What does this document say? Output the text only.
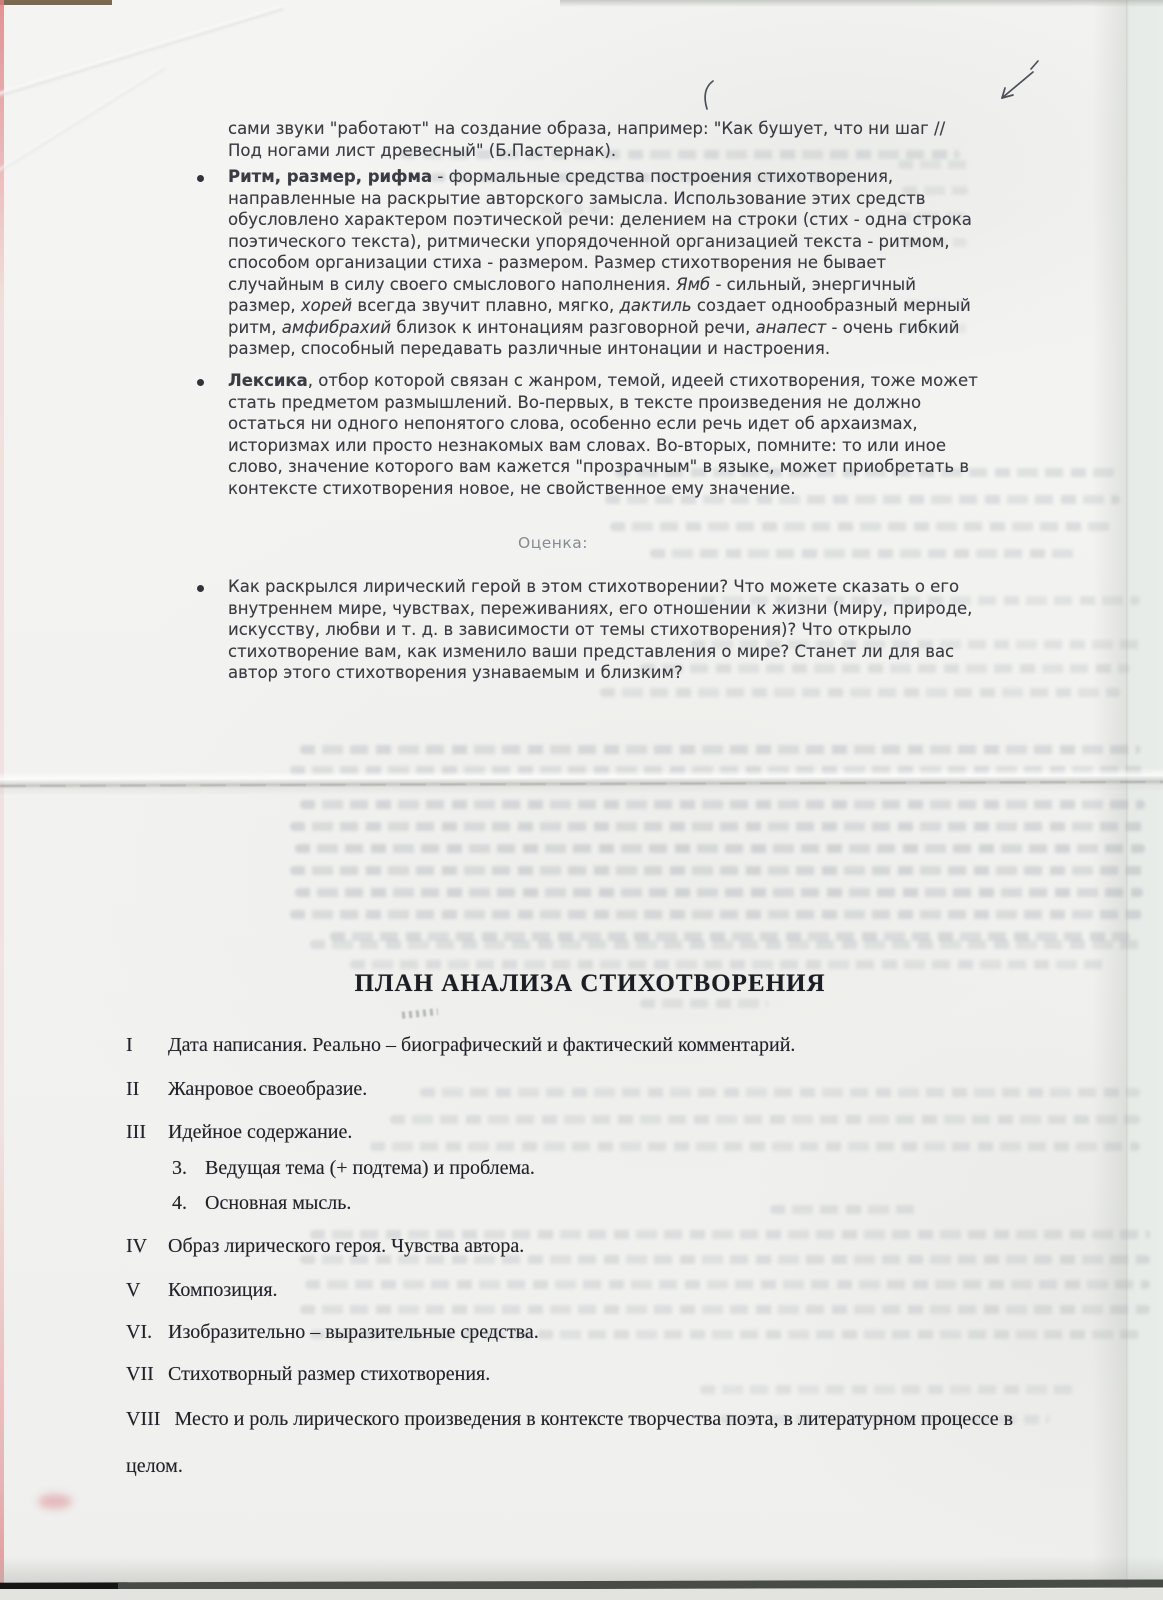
сами звуки "работают" на создание образа, например: "Как бушует, что ни шаг // Под ногами лист древесный" (Б.Пастернак).
Ритм, размер, рифма - формальные средства построения стихотворения, направленные на раскрытие авторского замысла. Использование этих средств обусловлено характером поэтической речи: делением на строки (стих - одна строка поэтического текста), ритмически упорядоченной организацией текста - ритмом, способом организации стиха - размером. Размер стихотворения не бывает случайным в силу своего смыслового наполнения. Ямб - сильный, энергичный размер, хорей всегда звучит плавно, мягко, дактиль создает однообразный мерный ритм, амфибрахий близок к интонациям разговорной речи, анапест - очень гибкий размер, способный передавать различные интонации и настроения.
Лексика, отбор которой связан с жанром, темой, идеей стихотворения, тоже может стать предметом размышлений. Во-первых, в тексте произведения не должно остаться ни одного непонятого слова, особенно если речь идет об архаизмах, историзмах или просто незнакомых вам словах. Во-вторых, помните: то или иное слово, значение которого вам кажется "прозрачным" в языке, может приобретать в контексте стихотворения новое, не свойственное ему значение.
Оценка:
Как раскрылся лирический герой в этом стихотворении? Что можете сказать о его внутреннем мире, чувствах, переживаниях, его отношении к жизни (миру, природе, искусству, любви и т. д. в зависимости от темы стихотворения)? Что открыло стихотворение вам, как изменило ваши представления о мире? Станет ли для вас автор этого стихотворения узнаваемым и близким?
ПЛАН АНАЛИЗА СТИХОТВОРЕНИЯ
I Дата написания. Реально – биографический и фактический комментарий.
II Жанровое своеобразие.
III Идейное содержание.
3. Ведущая тема (+ подтема) и проблема.
4. Основная мысль.
IV Образ лирического героя. Чувства автора.
V Композиция.
VI. Изобразительно – выразительные средства.
VII Стихотворный размер стихотворения.
VIII Место и роль лирического произведения в контексте творчества поэта, в литературном процессе в целом.
